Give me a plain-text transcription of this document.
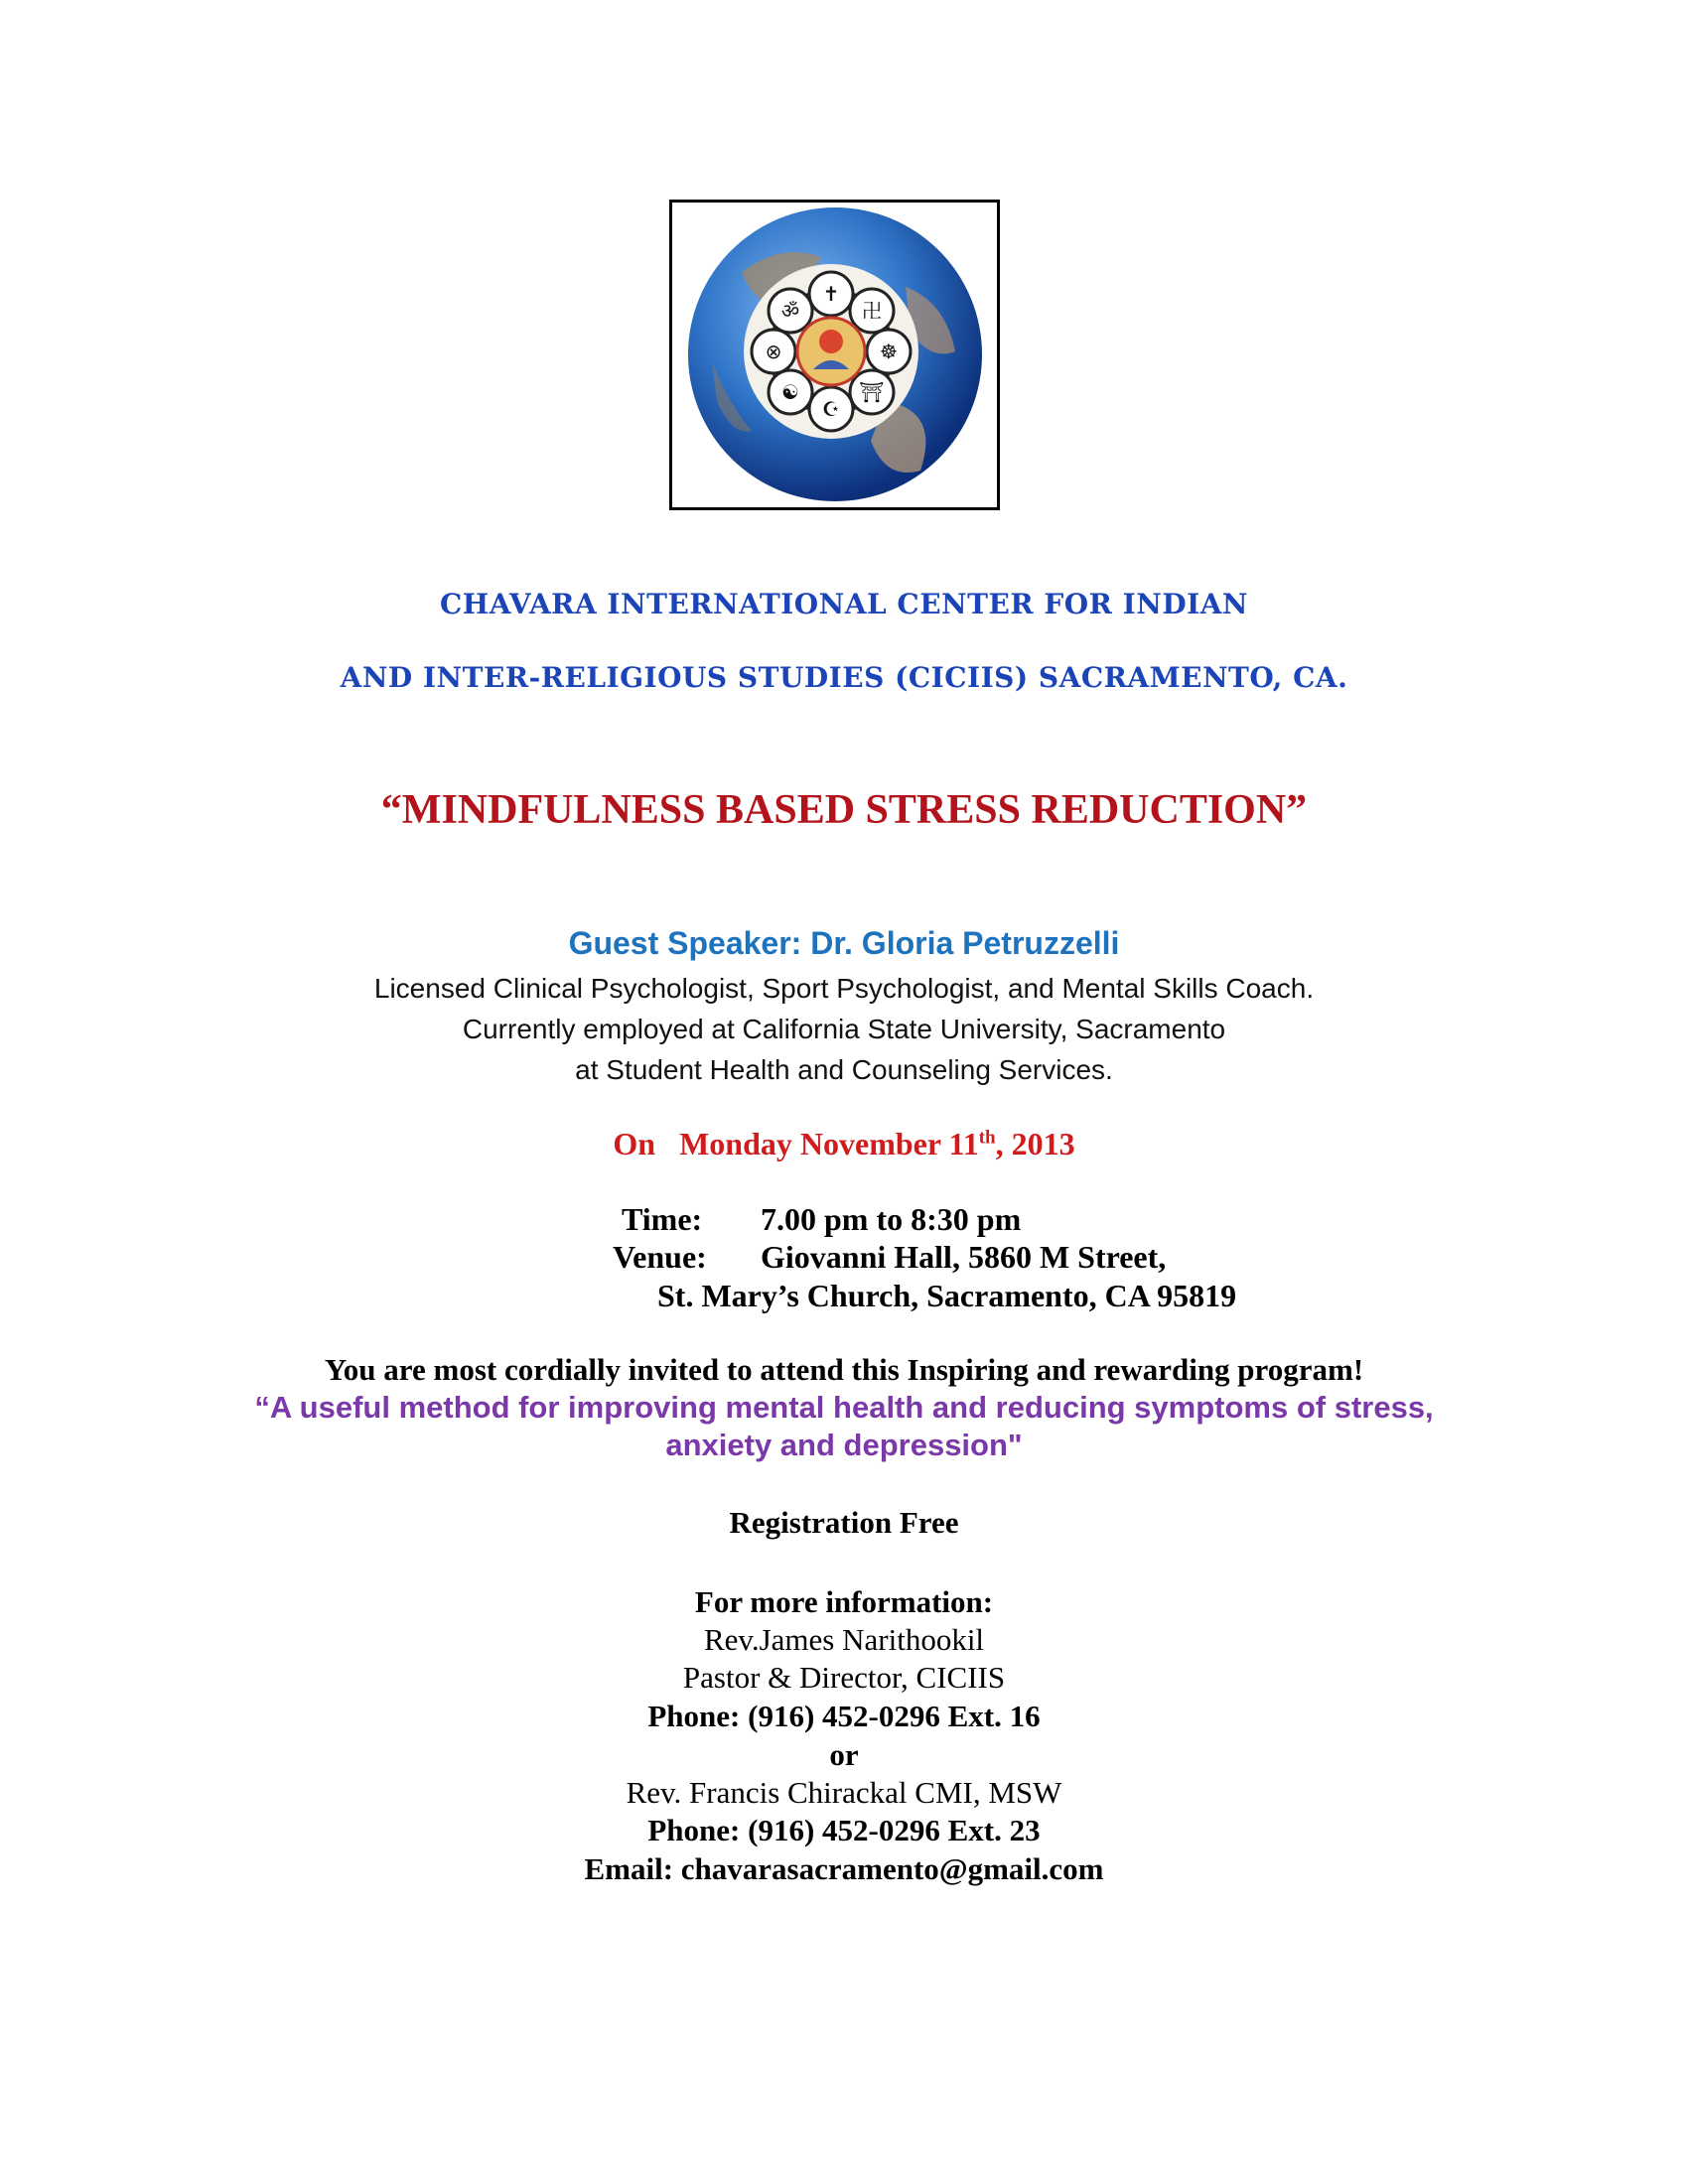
✝
卍
☸
⛩
☪
☯
⊗
ॐ
CHAVARA INTERNATIONAL CENTER FOR INDIAN
AND INTER-RELIGIOUS STUDIES (CICIIS) SACRAMENTO, CA.
“MINDFULNESS BASED STRESS REDUCTION”
Guest Speaker: Dr. Gloria Petruzzelli
Licensed Clinical Psychologist, Sport Psychologist, and Mental Skills Coach.
Currently employed at California State University, Sacramento
at Student Health and Counseling Services.
On Monday November 11th, 2013
Time: 7.00 pm to 8:30 pm
Venue: Giovanni Hall, 5860 M Street,
St. Mary’s Church, Sacramento, CA 95819
You are most cordially invited to attend this Inspiring and rewarding program!
“A useful method for improving mental health and reducing symptoms of stress,
anxiety and depression"
Registration Free
For more information:
Rev.James Narithookil
Pastor & Director, CICIIS
Phone: (916) 452-0296 Ext. 16
or
Rev. Francis Chirackal CMI, MSW
Phone: (916) 452-0296 Ext. 23
Email: chavarasacramento@gmail.com
